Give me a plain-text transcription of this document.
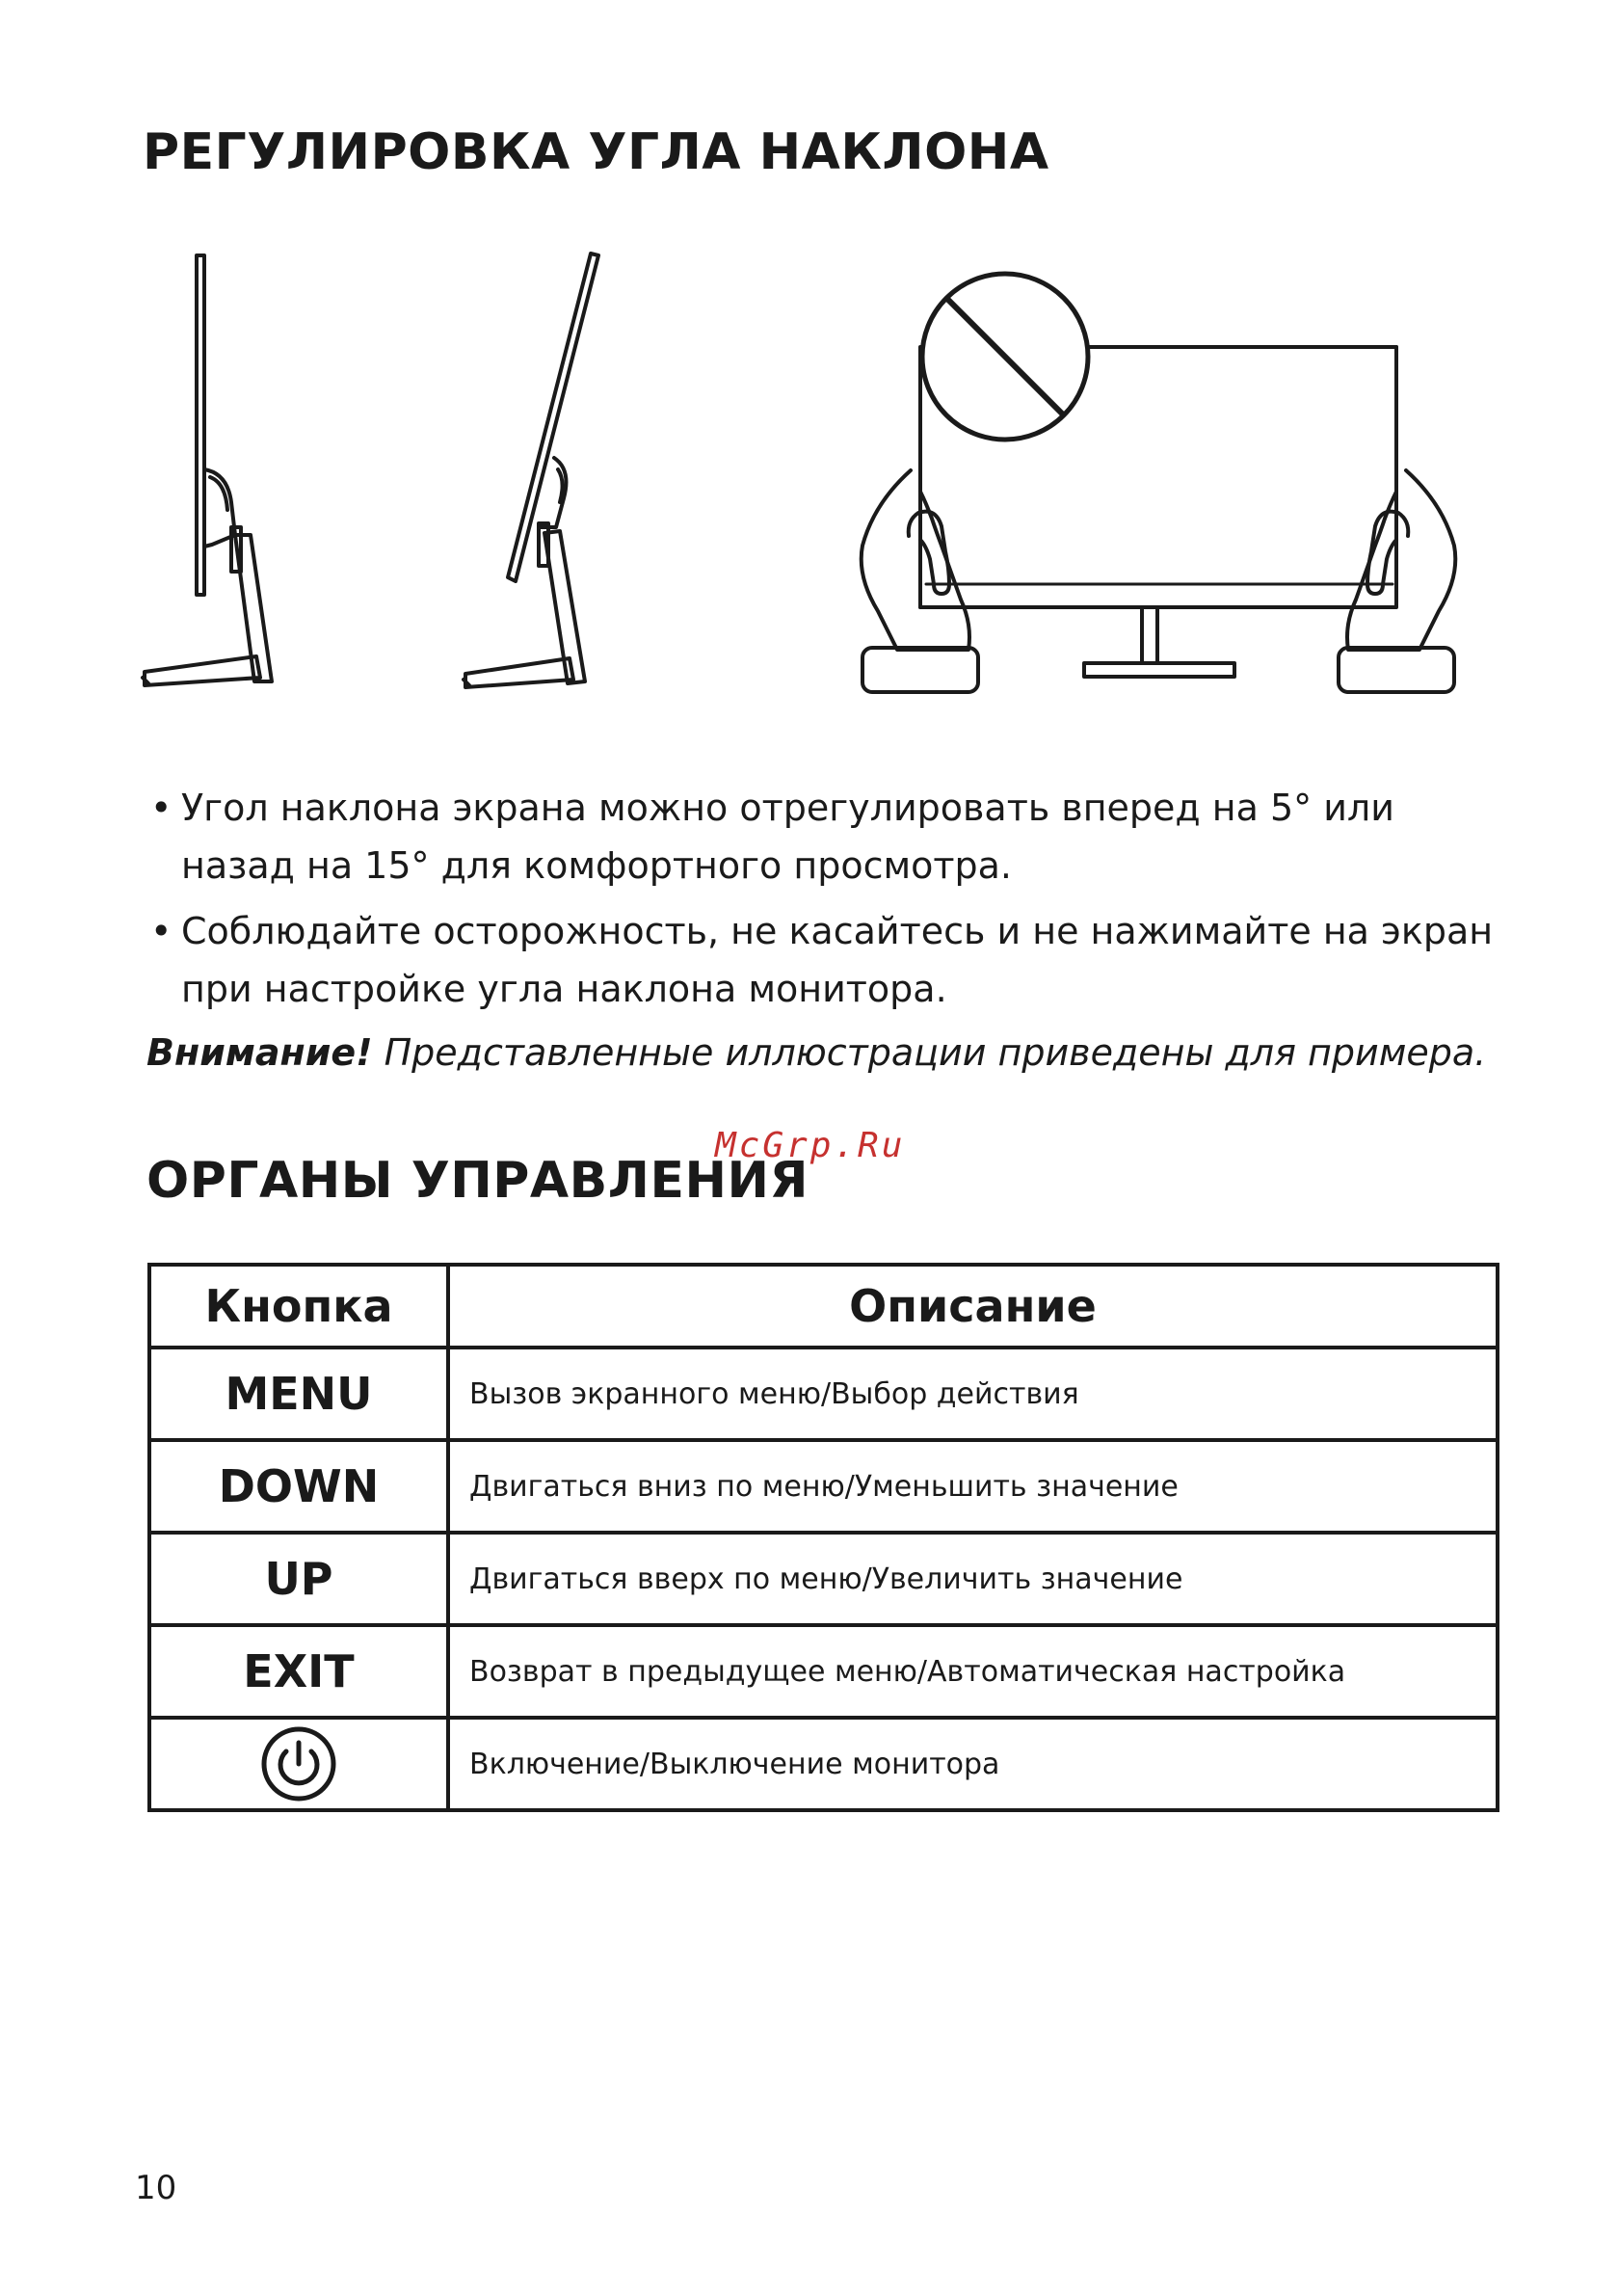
РЕГУЛИРОВКА УГЛА НАКЛОНА
• Угол наклона экрана можно отрегулировать вперед на 5° или назад на 15° для комфортного просмотра.
• Соблюдайте осторожность, не касайтесь и не нажимайте на экран при настройке угла наклона монитора.
Внимание! Представленные иллюстрации приведены для примера.
McGrp.Ru
ОРГАНЫ УПРАВЛЕНИЯ
Кнопка	Описание
MENU	Вызов экранного меню/Выбор действия
DOWN	Двигаться вниз по меню/Уменьшить значение
UP	Двигаться вверх по меню/Увеличить значение
EXIT	Возврат в предыдущее меню/Автоматическая настройка

	Включение/Выключение монитора
10
